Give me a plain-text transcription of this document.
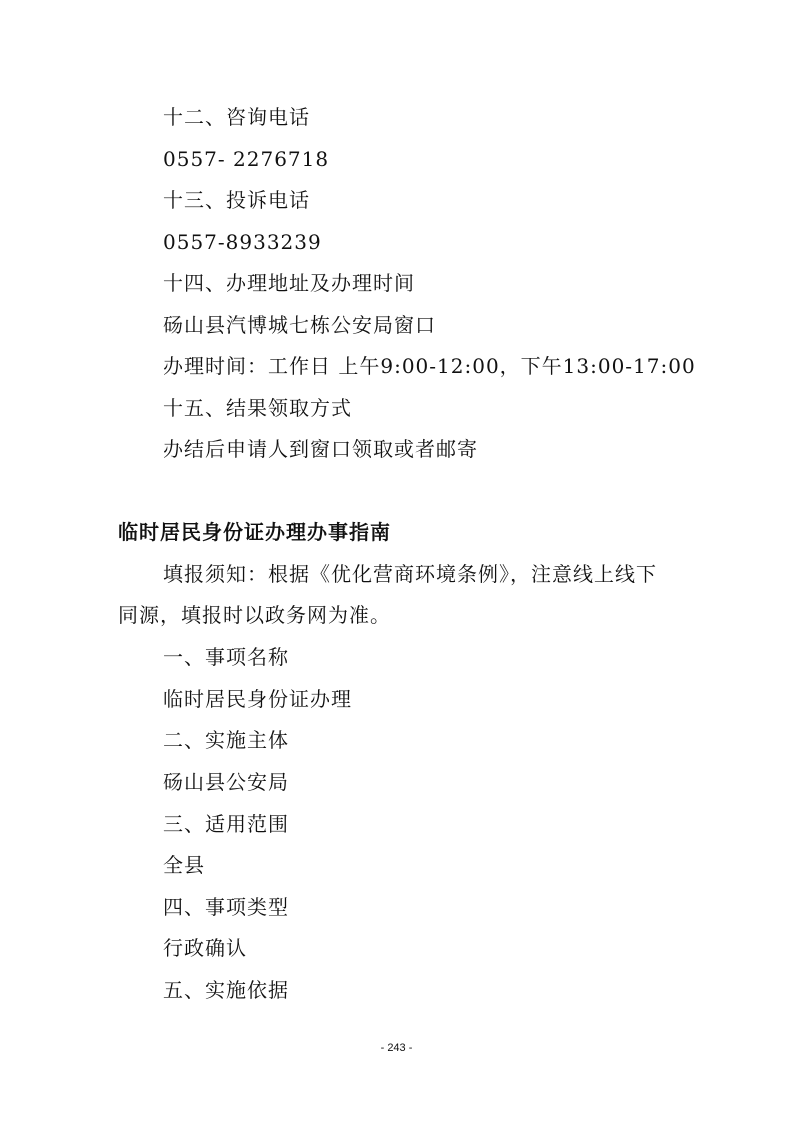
十二、咨询电话
0557- 2276718
十三、投诉电话
0557-8933239
十四、办理地址及办理时间
砀山县汽博城七栋公安局窗口
办理时间：工作日 上午9:00-12:00，下午13:00-17:00
十五、结果领取方式
办结后申请人到窗口领取或者邮寄
临时居民身份证办理办事指南
填报须知：根据《优化营商环境条例》，注意线上线下
同源，填报时以政务网为准。
一、事项名称
临时居民身份证办理
二、实施主体
砀山县公安局
三、适用范围
全县
四、事项类型
行政确认
五、实施依据
- 243 -
